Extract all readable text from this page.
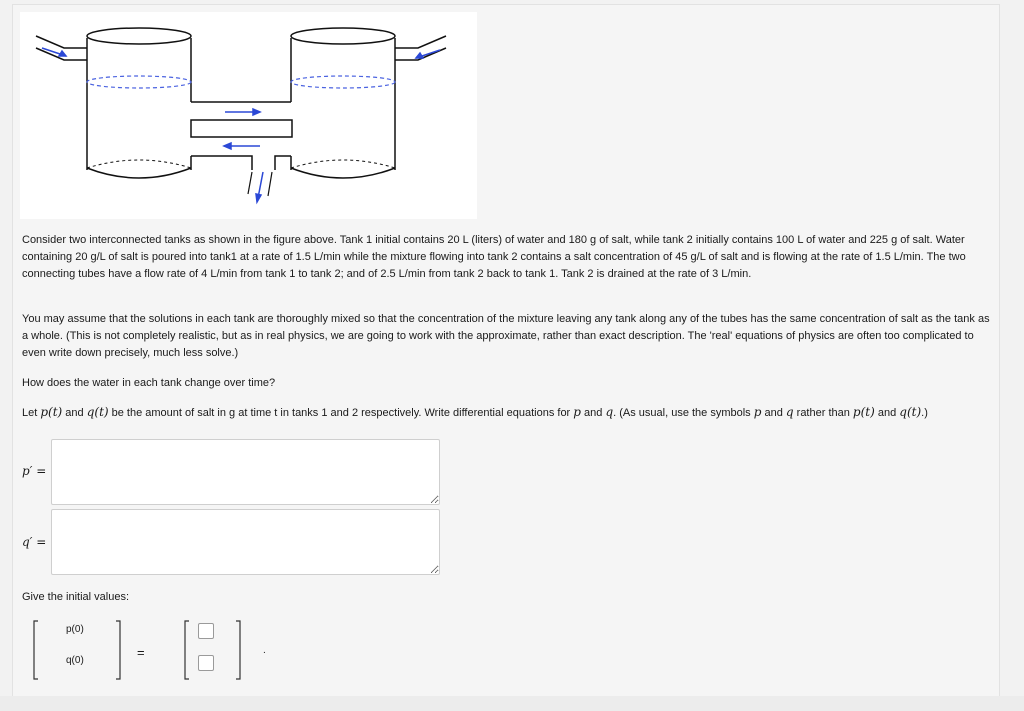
Consider two interconnected tanks as shown in the figure above. Tank 1 initial contains 20 L (liters) of water and 180 g of salt, while tank 2 initially contains 100 L of water and 225 g of salt. Water containing 20 g/L of salt is poured into tank1 at a rate of 1.5 L/min while the mixture flowing into tank 2 contains a salt concentration of 45 g/L of salt and is flowing at the rate of 1.5 L/min. The two connecting tubes have a flow rate of 4 L/min from tank 1 to tank 2; and of 2.5 L/min from tank 2 back to tank 1. Tank 2 is drained at the rate of 3 L/min.

You may assume that the solutions in each tank are thoroughly mixed so that the concentration of the mixture leaving any tank along any of the tubes has the same concentration of salt as the tank as a whole. (This is not completely realistic, but as in real physics, we are going to work with the approximate, rather than exact description. The 'real' equations of physics are often too complicated to even write down precisely, much less solve.)

How does the water in each tank change over time?

Let p(t) and q(t) be the amount of salt in g at time t in tanks 1 and 2 respectively. Write differential equations for p and q. (As usual, use the symbols p and q rather than p(t) and q(t).)

p′ =
q′ =

Give the initial values:

p(0)
q(0)
=	.
